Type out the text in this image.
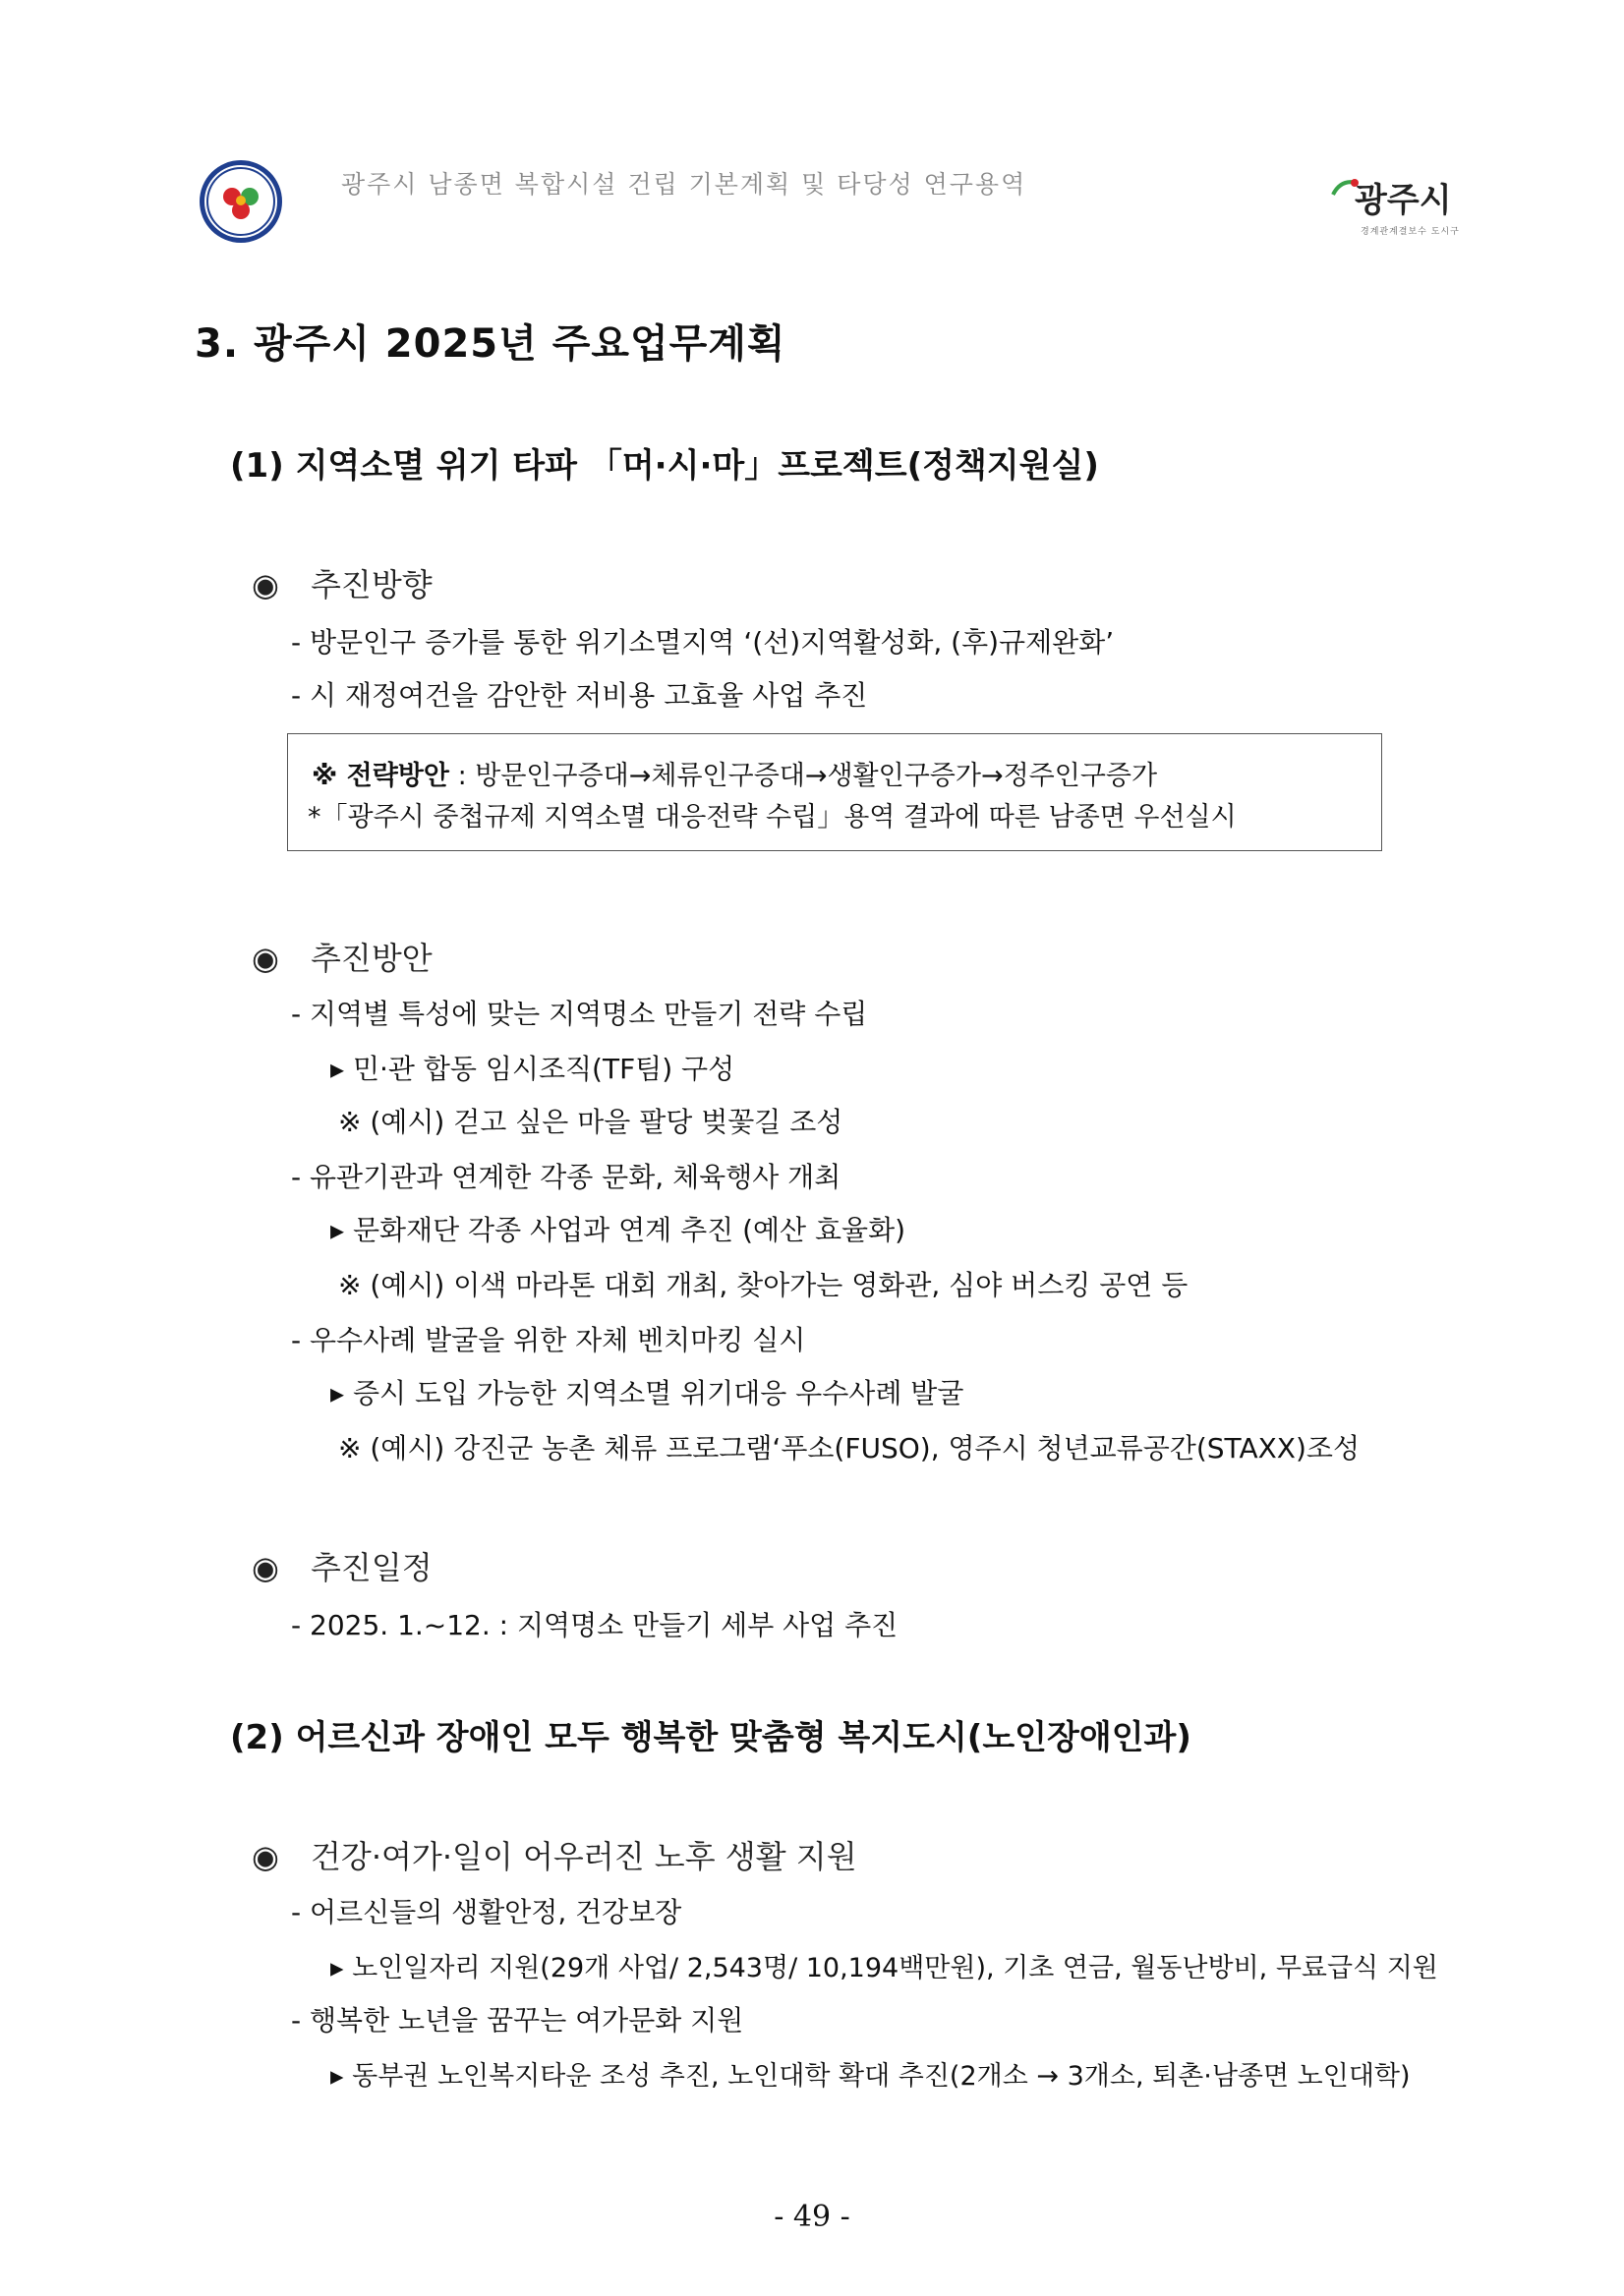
광주시 남종면 복합시설 건립 기본계획 및 타당성 연구용역	광주시
경계관계결보수 도시구
3. 광주시 2025년 주요업무계획
(1) 지역소멸 위기 타파 「머·시·마」프로젝트(정책지원실)
◉ 추진방향
- 방문인구 증가를 통한 위기소멸지역 ‘(선)지역활성화, (후)규제완화’
- 시 재정여건을 감안한 저비용 고효율 사업 추진
※ 전략방안 : 방문인구증대→체류인구증대→생활인구증가→정주인구증가
*「광주시 중첩규제 지역소멸 대응전략 수립」용역 결과에 따른 남종면 우선실시
◉ 추진방안
- 지역별 특성에 맞는 지역명소 만들기 전략 수립
▸ 민·관 합동 임시조직(TF팀) 구성
※ (예시) 걷고 싶은 마을 팔당 벚꽃길 조성
- 유관기관과 연계한 각종 문화, 체육행사 개최
▸ 문화재단 각종 사업과 연계 추진 (예산 효율화)
※ (예시) 이색 마라톤 대회 개최, 찾아가는 영화관, 심야 버스킹 공연 등
- 우수사례 발굴을 위한 자체 벤치마킹 실시
▸ 증시 도입 가능한 지역소멸 위기대응 우수사례 발굴
※ (예시) 강진군 농촌 체류 프로그램‘푸소(FUSO), 영주시 청년교류공간(STAXX)조성
◉ 추진일정
- 2025. 1.~12. : 지역명소 만들기 세부 사업 추진
(2) 어르신과 장애인 모두 행복한 맞춤형 복지도시(노인장애인과)
◉ 건강·여가·일이 어우러진 노후 생활 지원
- 어르신들의 생활안정, 건강보장
▸ 노인일자리 지원(29개 사업/ 2,543명/ 10,194백만원), 기초 연금, 월동난방비, 무료급식 지원
- 행복한 노년을 꿈꾸는 여가문화 지원
▸ 동부권 노인복지타운 조성 추진, 노인대학 확대 추진(2개소 → 3개소, 퇴촌·남종면 노인대학)
- 49 -
